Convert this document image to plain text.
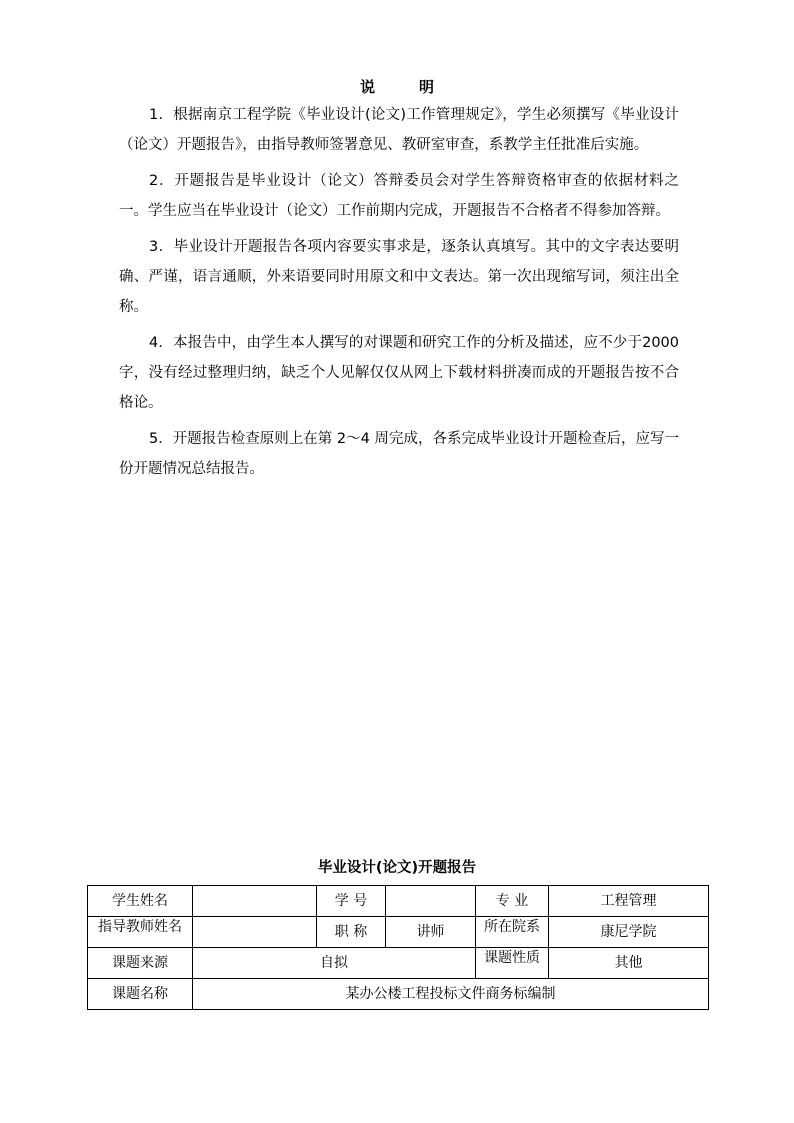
说	明

1．根据南京工程学院《毕业设计(论文)工作管理规定》，学生必须撰写《毕业设计（论文）开题报告》，由指导教师签署意见、教研室审查，系教学主任批准后实施。

2．开题报告是毕业设计（论文）答辩委员会对学生答辩资格审查的依据材料之一。学生应当在毕业设计（论文）工作前期内完成，开题报告不合格者不得参加答辩。

3．毕业设计开题报告各项内容要实事求是，逐条认真填写。其中的文字表达要明确、严谨，语言通顺，外来语要同时用原文和中文表达。第一次出现缩写词，须注出全称。

4．本报告中，由学生本人撰写的对课题和研究工作的分析及描述，应不少于2000字，没有经过整理归纳，缺乏个人见解仅仅从网上下载材料拼凑而成的开题报告按不合格论。

5．开题报告检查原则上在第 2～4 周完成，各系完成毕业设计开题检查后，应写一份开题情况总结报告。

毕业设计(论文)开题报告
学生姓名		学 号		专 业	工程管理

指导教师姓名		职 称	讲师	所在院系	康尼学院
课题来源	自拟			课题性质	其他
课题名称	某办公楼工程投标文件商务标编制				
